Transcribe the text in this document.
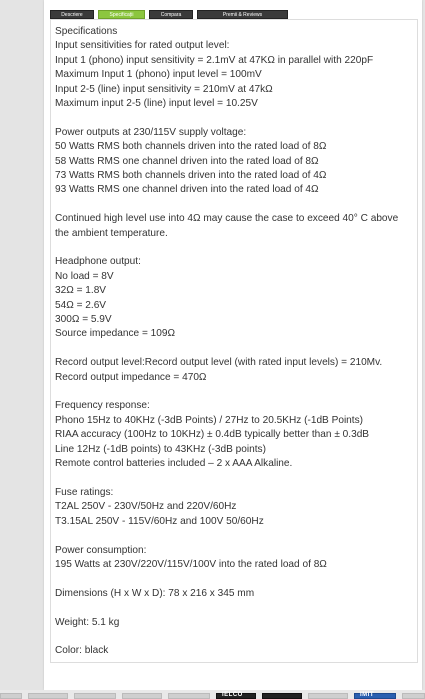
Descriere	Specificații	Compara	Premii & Reviews
Specifications
Input sensitivities for rated output level:
Input 1 (phono) input sensitivity = 2.1mV at 47KΩ in parallel with 220pF
Maximum Input 1 (phono) input level = 100mV
Input 2-5 (line) input sensitivity = 210mV at 47kΩ
Maximum input 2-5 (line) input level = 10.25V
Power outputs at 230/115V supply voltage:
50 Watts RMS both channels driven into the rated load of 8Ω
58 Watts RMS one channel driven into the rated load of 8Ω
73 Watts RMS both channels driven into the rated load of 4Ω
93 Watts RMS one channel driven into the rated load of 4Ω
Continued high level use into 4Ω may cause the case to exceed 40° C above the ambient temperature.
Headphone output:
No load = 8V
32Ω = 1.8V
54Ω = 2.6V
300Ω = 5.9V
Source impedance = 109Ω
Record output level:Record output level (with rated input levels) = 210Mv.
Record output impedance = 470Ω
Frequency response:
Phono 15Hz to 40KHz (-3dB Points) / 27Hz to 20.5KHz (-1dB Points)
RIAA accuracy (100Hz to 10KHz) ± 0.4dB typically better than ± 0.3dB
Line 12Hz (-1dB points) to 43KHz (-3dB points)
Remote control batteries included – 2 x AAA Alkaline.
Fuse ratings:
T2AL 250V - 230V/50Hz and 220V/60Hz
T3.15AL 250V - 115V/60Hz and 100V 50/60Hz
Power consumption:
195 Watts at 230V/220V/115V/100V into the rated load of 8Ω
Dimensions (H x W x D): 78 x 216 x 345 mm
Weight: 5.1 kg
Color: black
IELCO	IMIT
